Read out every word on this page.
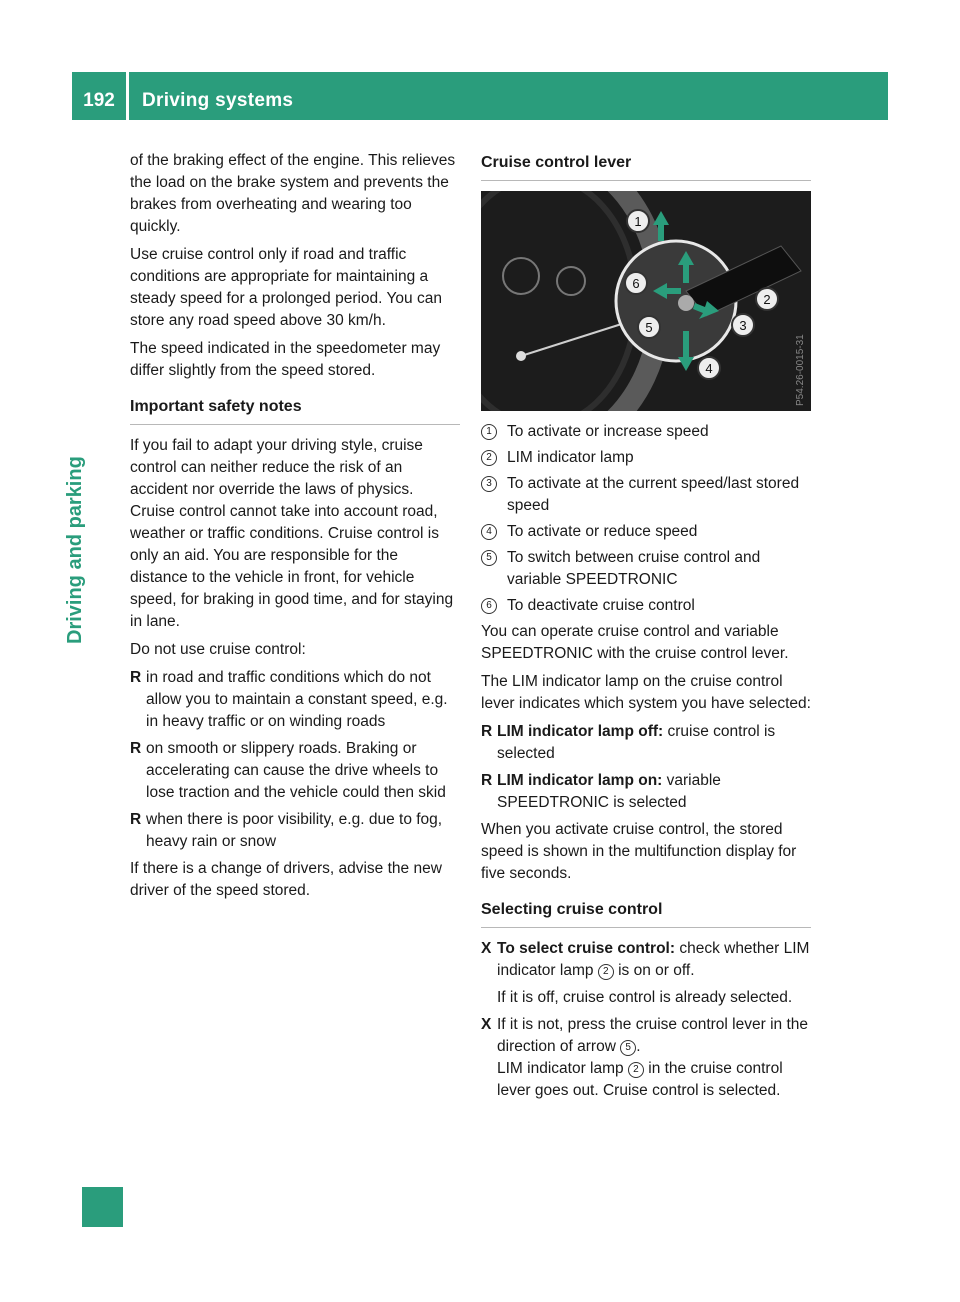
192	Driving systems
Driving and parking

of the braking effect of the engine. This relieves the load on the brake system and prevents the brakes from overheating and wearing too quickly.

Use cruise control only if road and traffic conditions are appropriate for maintaining a steady speed for a prolonged period. You can store any road speed above 30 km/h.

The speed indicated in the speedometer may differ slightly from the speed stored.

Important safety notes

If you fail to adapt your driving style, cruise control can neither reduce the risk of an accident nor override the laws of physics. Cruise control cannot take into account road, weather or traffic conditions. Cruise control is only an aid. You are responsible for the distance to the vehicle in front, for vehicle speed, for braking in good time, and for staying in lane.

Do not use cruise control:

R in road and traffic conditions which do not allow you to maintain a constant speed, e.g. in heavy traffic or on winding roads
R on smooth or slippery roads. Braking or accelerating can cause the drive wheels to lose traction and the vehicle could then skid
R when there is poor visibility, e.g. due to fog, heavy rain or snow

If there is a change of drivers, advise the new driver of the speed stored.

Cruise control lever
1
2
3
4
5
6
P54.26-0015-31
1 To activate or increase speed
2 LIM indicator lamp
3 To activate at the current speed/last stored speed
4 To activate or reduce speed
5 To switch between cruise control and variable SPEEDTRONIC
6 To deactivate cruise control

You can operate cruise control and variable SPEEDTRONIC with the cruise control lever.

The LIM indicator lamp on the cruise control lever indicates which system you have selected:

R LIM indicator lamp off: cruise control is selected
R LIM indicator lamp on: variable SPEEDTRONIC is selected

When you activate cruise control, the stored speed is shown in the multifunction display for five seconds.

Selecting cruise control
X To select cruise control: check whether LIM indicator lamp 2 is on or off.
If it is off, cruise control is already selected.
X If it is not, press the cruise control lever in the direction of arrow 5 .
LIM indicator lamp 2 in the cruise control lever goes out. Cruise control is selected.
